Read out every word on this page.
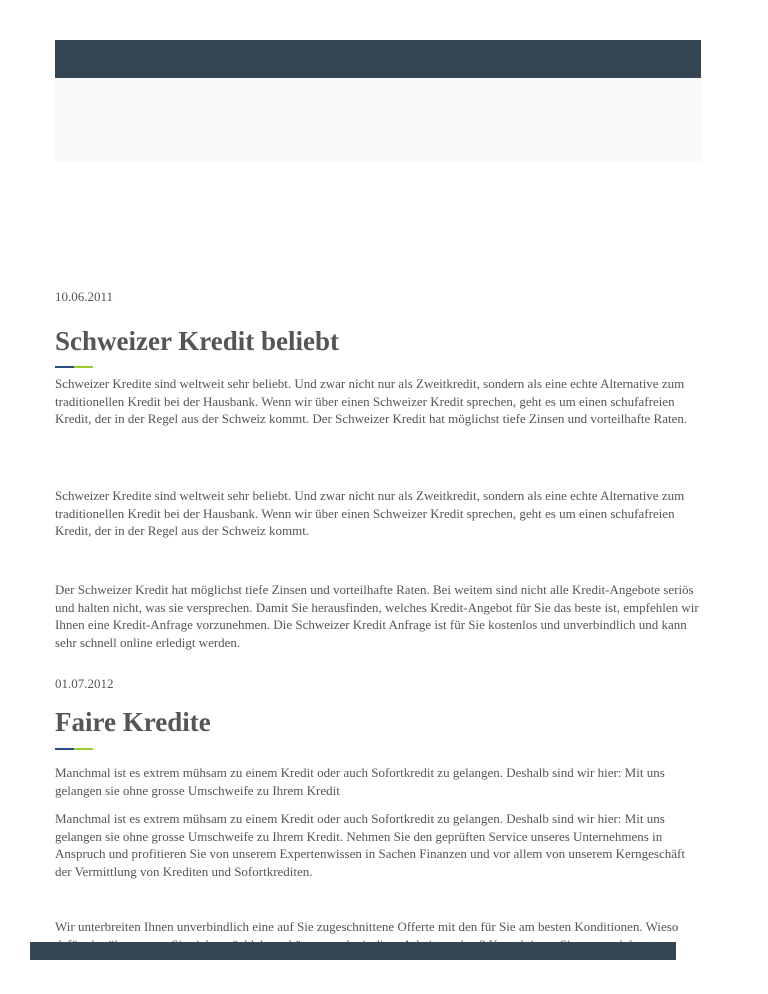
10.06.2011
Schweizer Kredit beliebt

Schweizer Kredite sind weltweit sehr beliebt. Und zwar nicht nur als Zweitkredit, sondern als eine echte Alternative zum traditionellen Kredit bei der Hausbank. Wenn wir über einen Schweizer Kredit sprechen, geht es um einen schufafreien Kredit, der in der Regel aus der Schweiz kommt. Der Schweizer Kredit hat möglichst tiefe Zinsen und vorteilhafte Raten.

Schweizer Kredite sind weltweit sehr beliebt. Und zwar nicht nur als Zweitkredit, sondern als eine echte Alternative zum traditionellen Kredit bei der Hausbank. Wenn wir über einen Schweizer Kredit sprechen, geht es um einen schufafreien Kredit, der in der Regel aus der Schweiz kommt.

Der Schweizer Kredit hat möglichst tiefe Zinsen und vorteilhafte Raten. Bei weitem sind nicht alle Kredit-Angebote seriös und halten nicht, was sie versprechen. Damit Sie herausfinden, welches Kredit-Angebot für Sie das beste ist, empfehlen wir Ihnen eine Kredit-Anfrage vorzunehmen. Die Schweizer Kredit Anfrage ist für Sie kostenlos und unverbindlich und kann sehr schnell online erledigt werden.

01.07.2012
Faire Kredite

Manchmal ist es extrem mühsam zu einem Kredit oder auch Sofortkredit zu gelangen. Deshalb sind wir hier: Mit uns gelangen sie ohne grosse Umschweife zu Ihrem Kredit

Manchmal ist es extrem mühsam zu einem Kredit oder auch Sofortkredit zu gelangen. Deshalb sind wir hier: Mit uns gelangen sie ohne grosse Umschweife zu Ihrem Kredit. Nehmen Sie den geprüften Service unseres Unternehmens in Anspruch und profitieren Sie von unserem Expertenwissen in Sachen Finanzen und vor allem von unserem Kerngeschäft der Vermittlung von Krediten und Sofortkrediten.

Wir unterbreiten Ihnen unverbindlich eine auf Sie zugeschnittene Offerte mit den für Sie am besten Konditionen. Wieso
